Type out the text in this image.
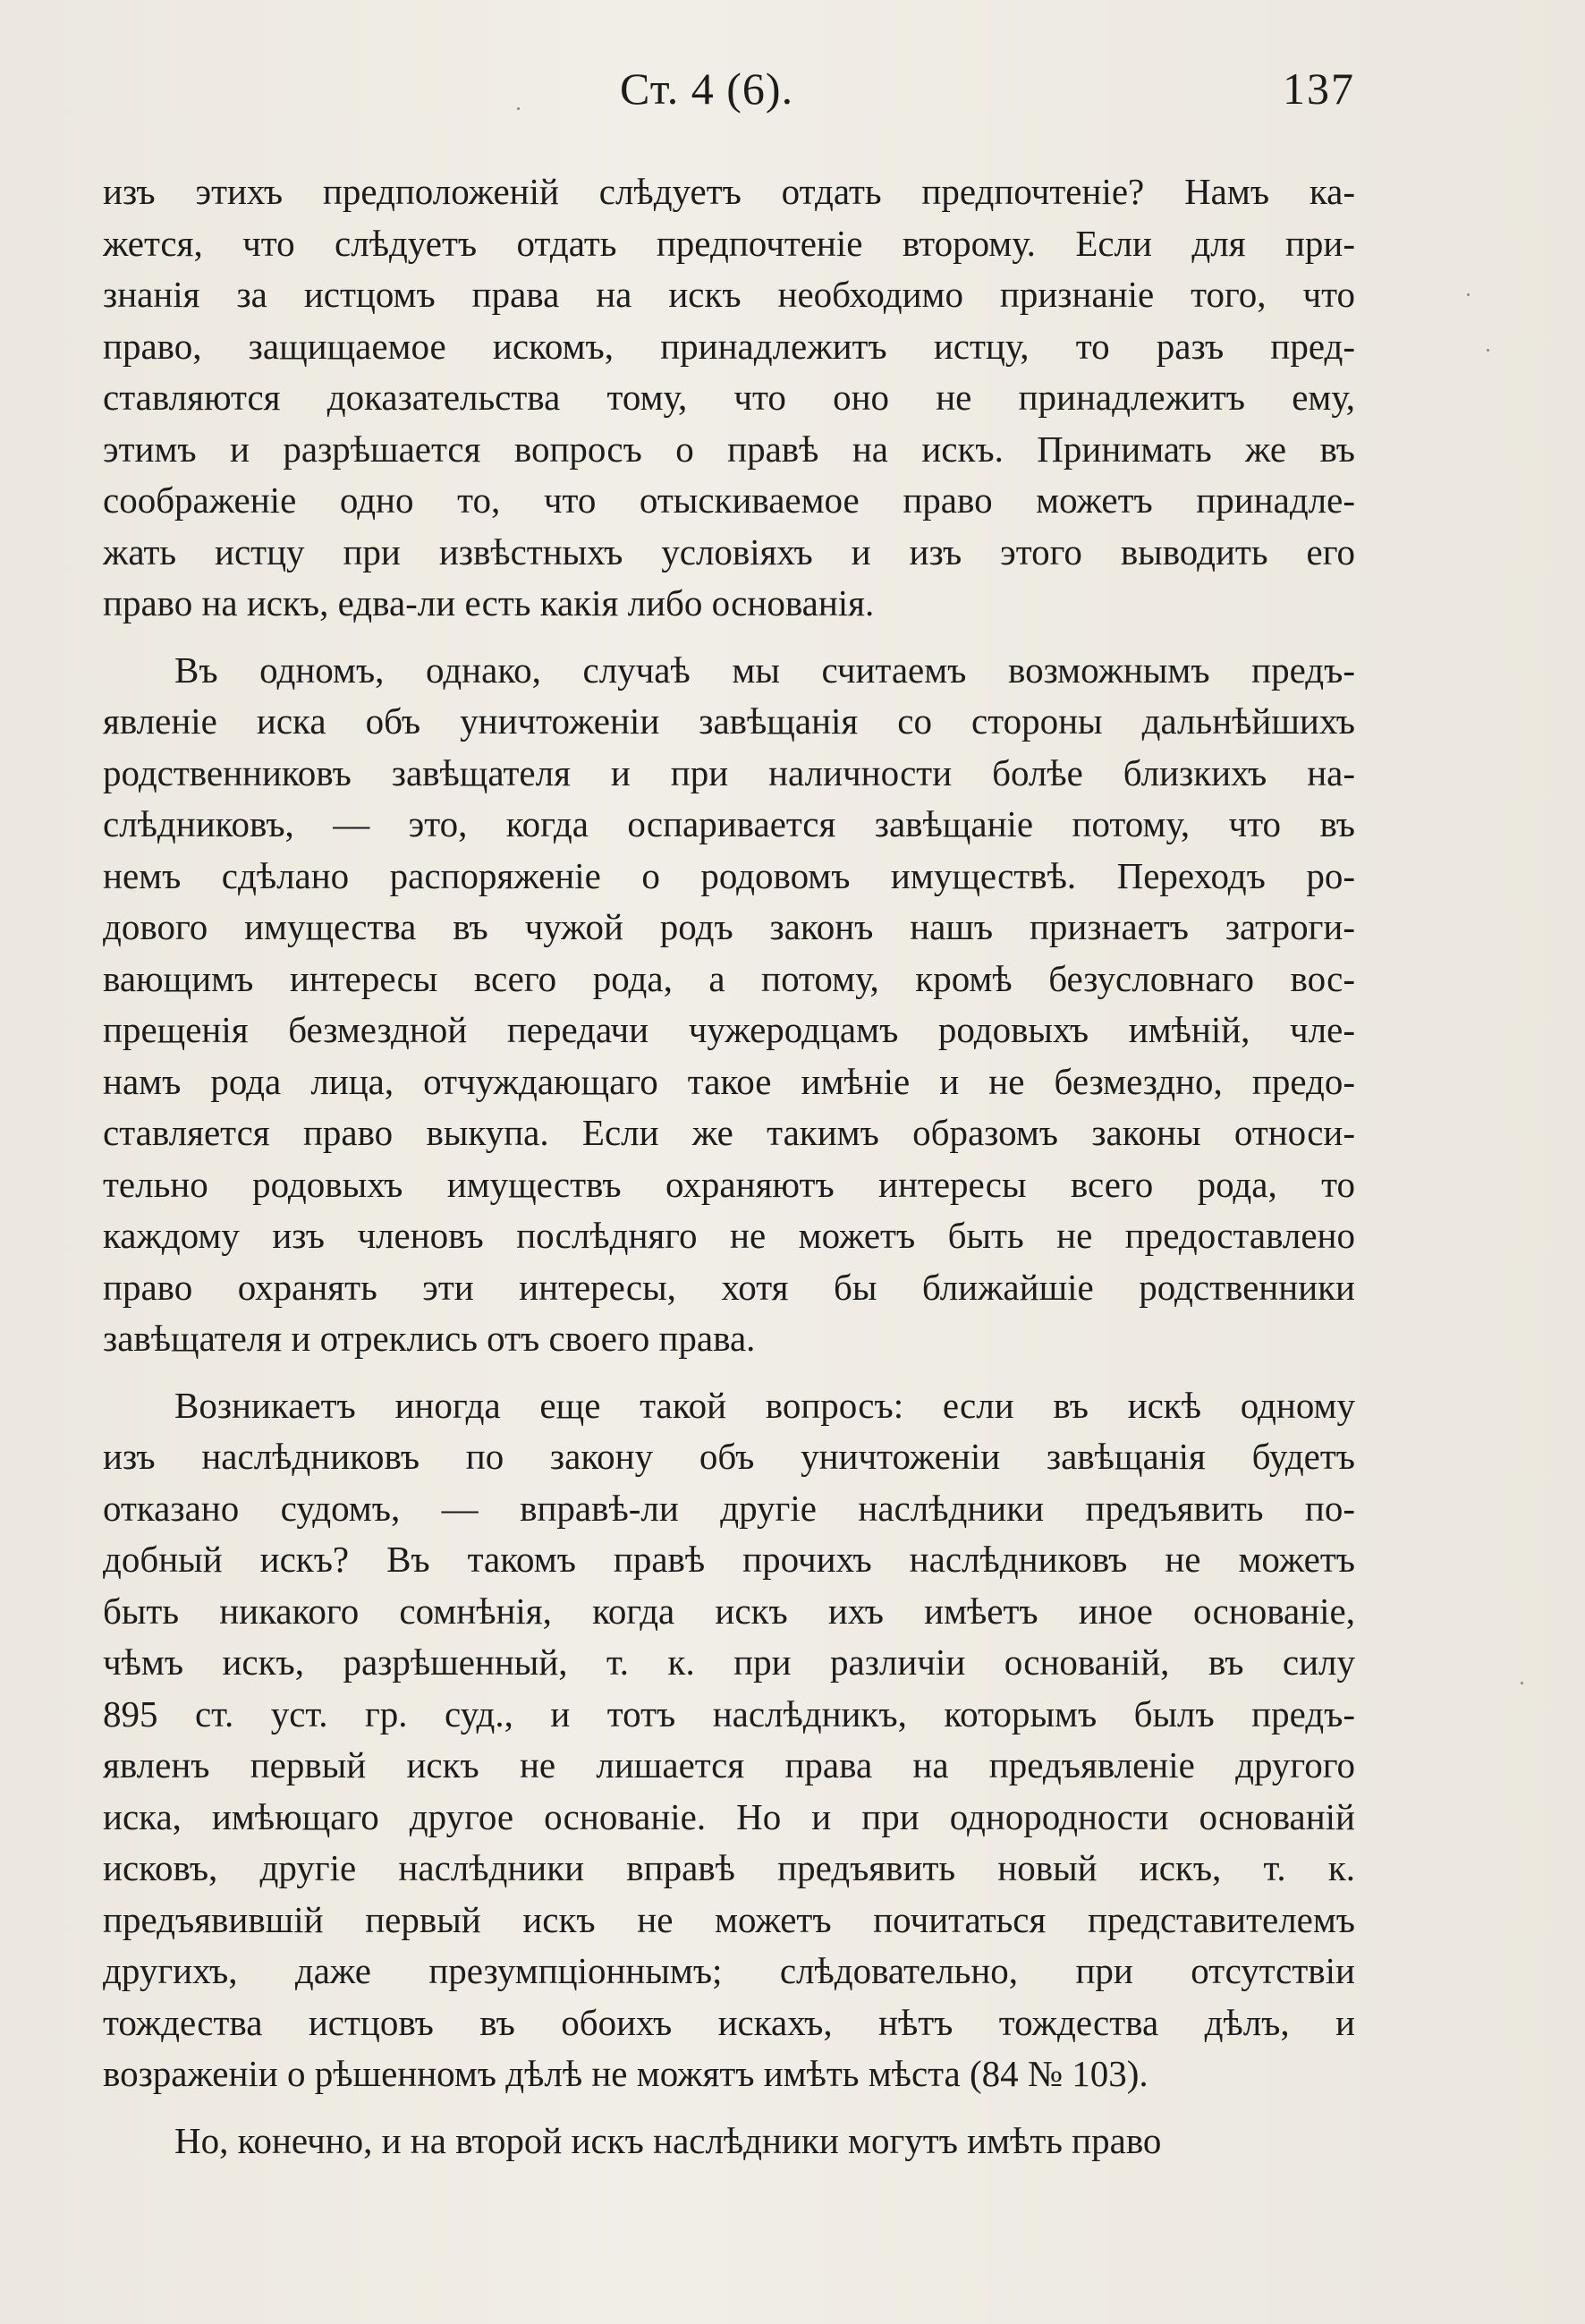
Ст. 4 (6).	137
изъ этихъ предположеній слѣдуетъ отдать предпочтеніе? Намъ ка-
жется, что слѣдуетъ отдать предпочтеніе второму. Если для при-
знанія за истцомъ права на искъ необходимо признаніе того, что
право, защищаемое искомъ, принадлежитъ истцу, то разъ пред-
ставляются доказательства тому, что оно не принадлежитъ ему,
этимъ и разрѣшается вопросъ о правѣ на искъ. Принимать же въ
соображеніе одно то, что отыскиваемое право можетъ принадле-
жать истцу при извѣстныхъ условіяхъ и изъ этого выводить его
право на искъ, едва-ли есть какія либо основанія.
Въ одномъ, однако, случаѣ мы считаемъ возможнымъ предъ-
явленіе иска объ уничтоженіи завѣщанія со стороны дальнѣйшихъ
родственниковъ завѣщателя и при наличности болѣе близкихъ на-
слѣдниковъ, — это, когда оспаривается завѣщаніе потому, что въ
немъ сдѣлано распоряженіе о родовомъ имуществѣ. Переходъ ро-
дового имущества въ чужой родъ законъ нашъ признаетъ затроги-
вающимъ интересы всего рода, а потому, кромѣ безусловнаго вос-
прещенія безмездной передачи чужеродцамъ родовыхъ имѣній, чле-
намъ рода лица, отчуждающаго такое имѣніе и не безмездно, предо-
ставляется право выкупа. Если же такимъ образомъ законы относи-
тельно родовыхъ имуществъ охраняютъ интересы всего рода, то
каждому изъ членовъ послѣдняго не можетъ быть не предоставлено
право охранять эти интересы, хотя бы ближайшіе родственники
завѣщателя и отреклись отъ своего права.
Возникаетъ иногда еще такой вопросъ: если въ искѣ одному
изъ наслѣдниковъ по закону объ уничтоженіи завѣщанія будетъ
отказано судомъ, — вправѣ-ли другіе наслѣдники предъявить по-
добный искъ? Въ такомъ правѣ прочихъ наслѣдниковъ не можетъ
быть никакого сомнѣнія, когда искъ ихъ имѣетъ иное основаніе,
чѣмъ искъ, разрѣшенный, т. к. при различіи основаній, въ силу
895 ст. уст. гр. суд., и тотъ наслѣдникъ, которымъ былъ предъ-
явленъ первый искъ не лишается права на предъявленіе другого
иска, имѣющаго другое основаніе. Но и при однородности основаній
исковъ, другіе наслѣдники вправѣ предъявить новый искъ, т. к.
предъявившій первый искъ не можетъ почитаться представителемъ
другихъ, даже презумпціоннымъ; слѣдовательно, при отсутствіи
тождества истцовъ въ обоихъ искахъ, нѣтъ тождества дѣлъ, и
возраженіи о рѣшенномъ дѣлѣ не можятъ имѣть мѣста (84 № 103).
Но, конечно, и на второй искъ наслѣдники могутъ имѣть право
